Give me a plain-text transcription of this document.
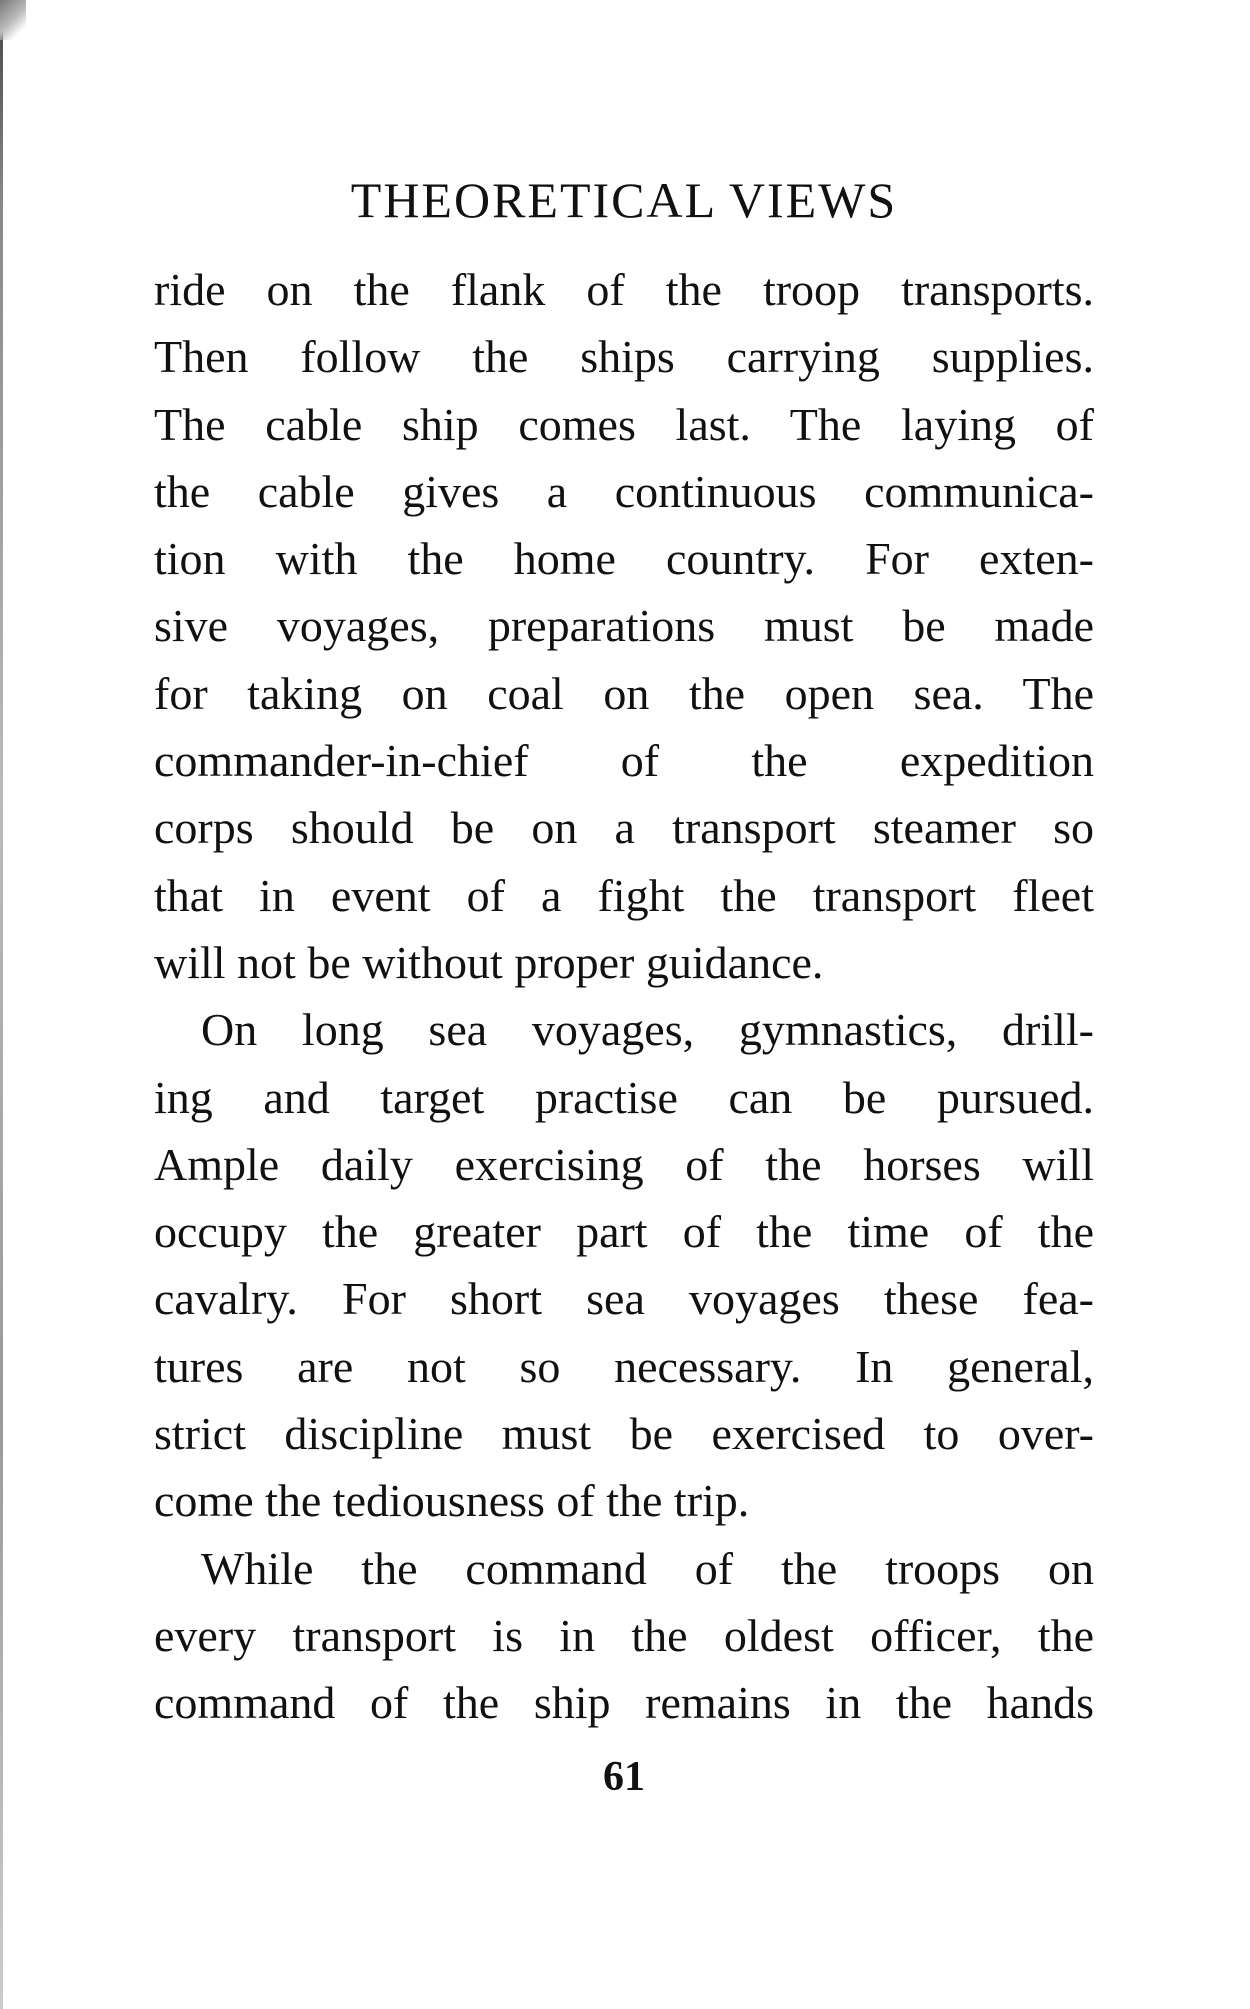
THEORETICAL VIEWS
ride on the flank of the troop transports.
Then follow the ships carrying supplies.
The cable ship comes last. The laying of
the cable gives a continuous communica-
tion with the home country. For exten-
sive voyages, preparations must be made
for taking on coal on the open sea. The
commander-in-chief of the expedition
corps should be on a transport steamer so
that in event of a fight the transport fleet
will not be without proper guidance.
On long sea voyages, gymnastics, drill-
ing and target practise can be pursued.
Ample daily exercising of the horses will
occupy the greater part of the time of the
cavalry. For short sea voyages these fea-
tures are not so necessary. In general,
strict discipline must be exercised to over-
come the tediousness of the trip.
While the command of the troops on
every transport is in the oldest officer, the
command of the ship remains in the hands
61
